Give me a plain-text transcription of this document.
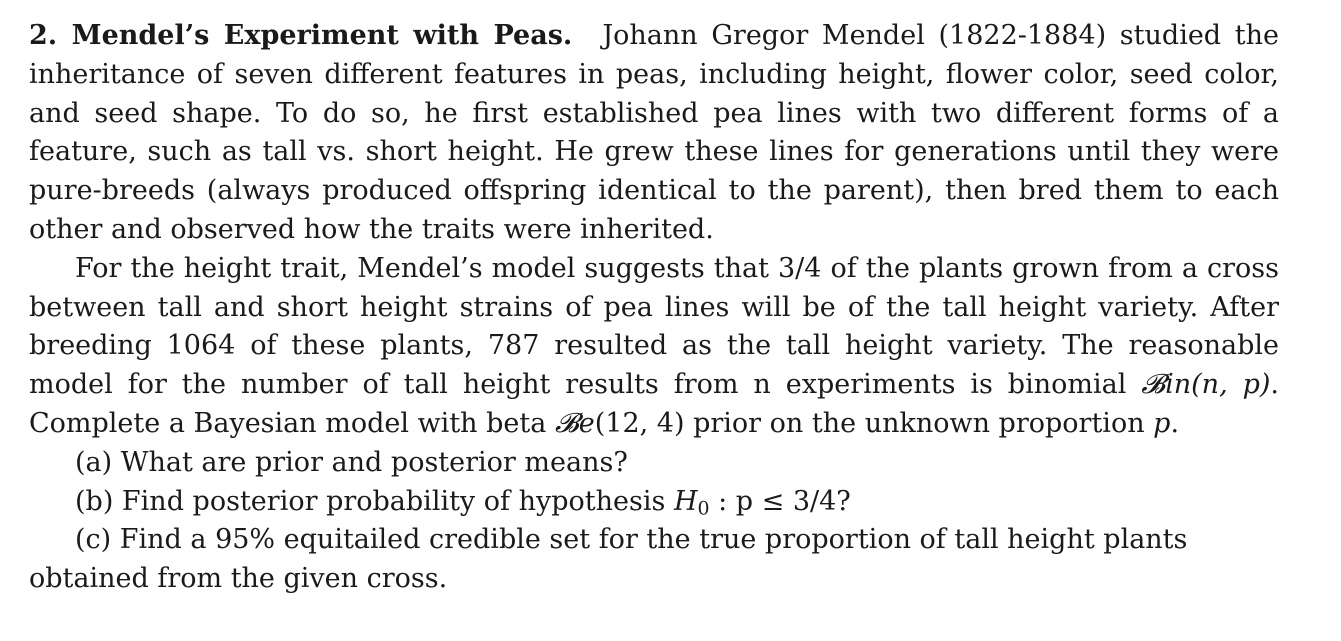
2. Mendel’s Experiment with Peas. Johann Gregor Mendel (1822-1884) studied the inheritance of seven different features in peas, including height, flower color, seed color, and seed shape. To do so, he first established pea lines with two different forms of a feature, such as tall vs. short height. He grew these lines for generations until they were pure-breeds (always produced offspring identical to the parent), then bred them to each other and observed how the traits were inherited.

For the height trait, Mendel’s model suggests that 3/4 of the plants grown from a cross between tall and short height strains of pea lines will be of the tall height variety. After breeding 1064 of these plants, 787 resulted as the tall height variety. The reasonable model for the number of tall height results from n experiments is binomial 𝓑in(n, p). Complete a Bayesian model with beta 𝓑e(12, 4) prior on the unknown proportion p.

(a) What are prior and posterior means?

(b) Find posterior probability of hypothesis $H_0$ : p ≤ 3/4?

(c) Find a 95% equitailed credible set for the true proportion of tall height plants obtained from the given cross.
